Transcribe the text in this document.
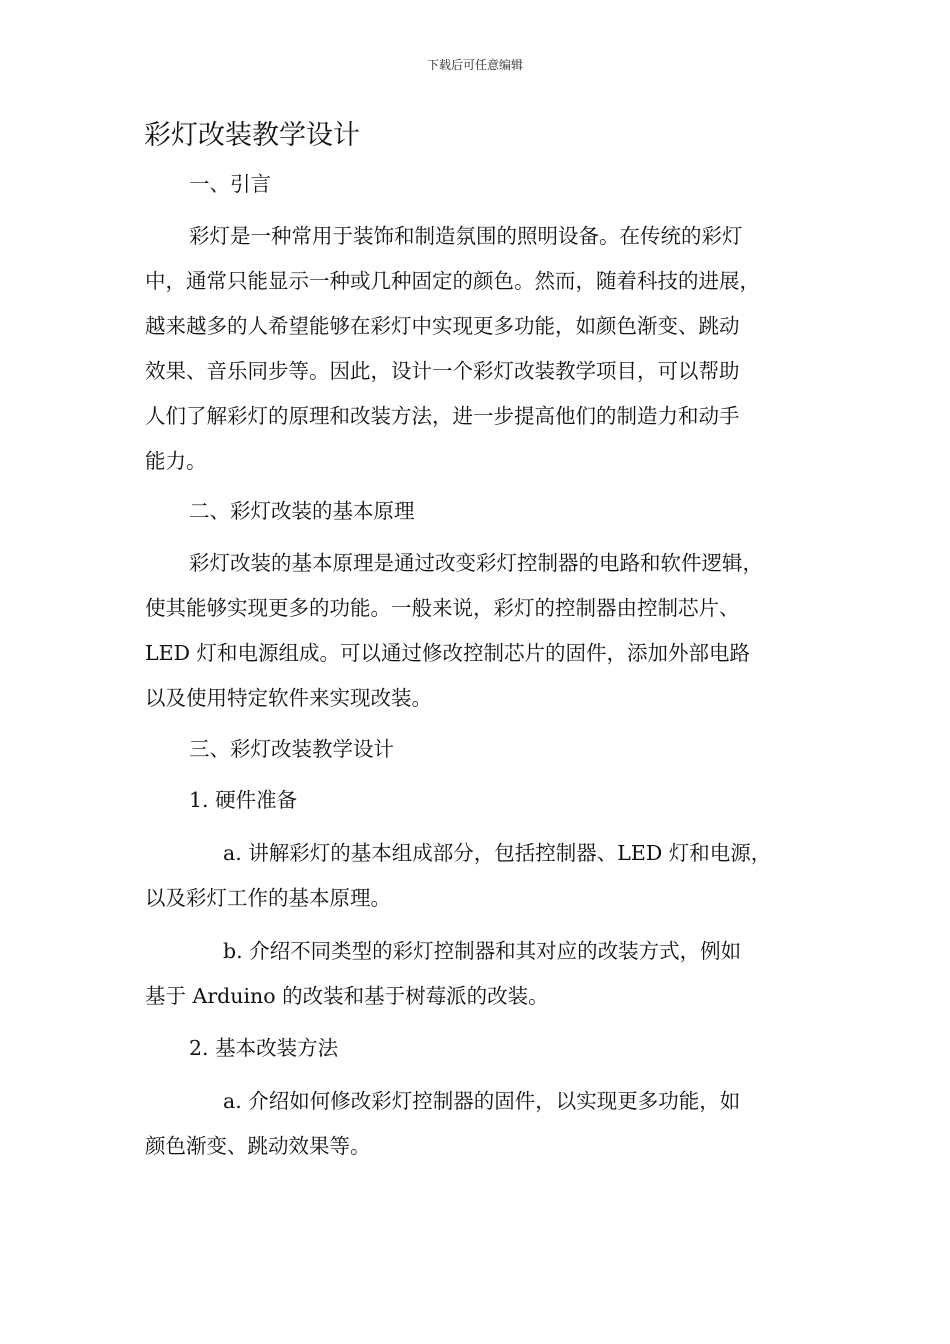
下载后可任意编辑
彩灯改装教学设计

一、引言

彩灯是一种常用于装饰和制造氛围的照明设备。在传统的彩灯
中，通常只能显示一种或几种固定的颜色。然而，随着科技的进展，
越来越多的人希望能够在彩灯中实现更多功能，如颜色渐变、跳动
效果、音乐同步等。因此，设计一个彩灯改装教学项目，可以帮助
人们了解彩灯的原理和改装方法，进一步提高他们的制造力和动手
能力。

二、彩灯改装的基本原理

彩灯改装的基本原理是通过改变彩灯控制器的电路和软件逻辑，
使其能够实现更多的功能。一般来说，彩灯的控制器由控制芯片、
LED 灯和电源组成。可以通过修改控制芯片的固件，添加外部电路
以及使用特定软件来实现改装。

三、彩灯改装教学设计

1. 硬件准备

a. 讲解彩灯的基本组成部分，包括控制器、LED 灯和电源，
以及彩灯工作的基本原理。

b. 介绍不同类型的彩灯控制器和其对应的改装方式，例如
基于 Arduino 的改装和基于树莓派的改装。

2. 基本改装方法

a. 介绍如何修改彩灯控制器的固件，以实现更多功能，如
颜色渐变、跳动效果等。
